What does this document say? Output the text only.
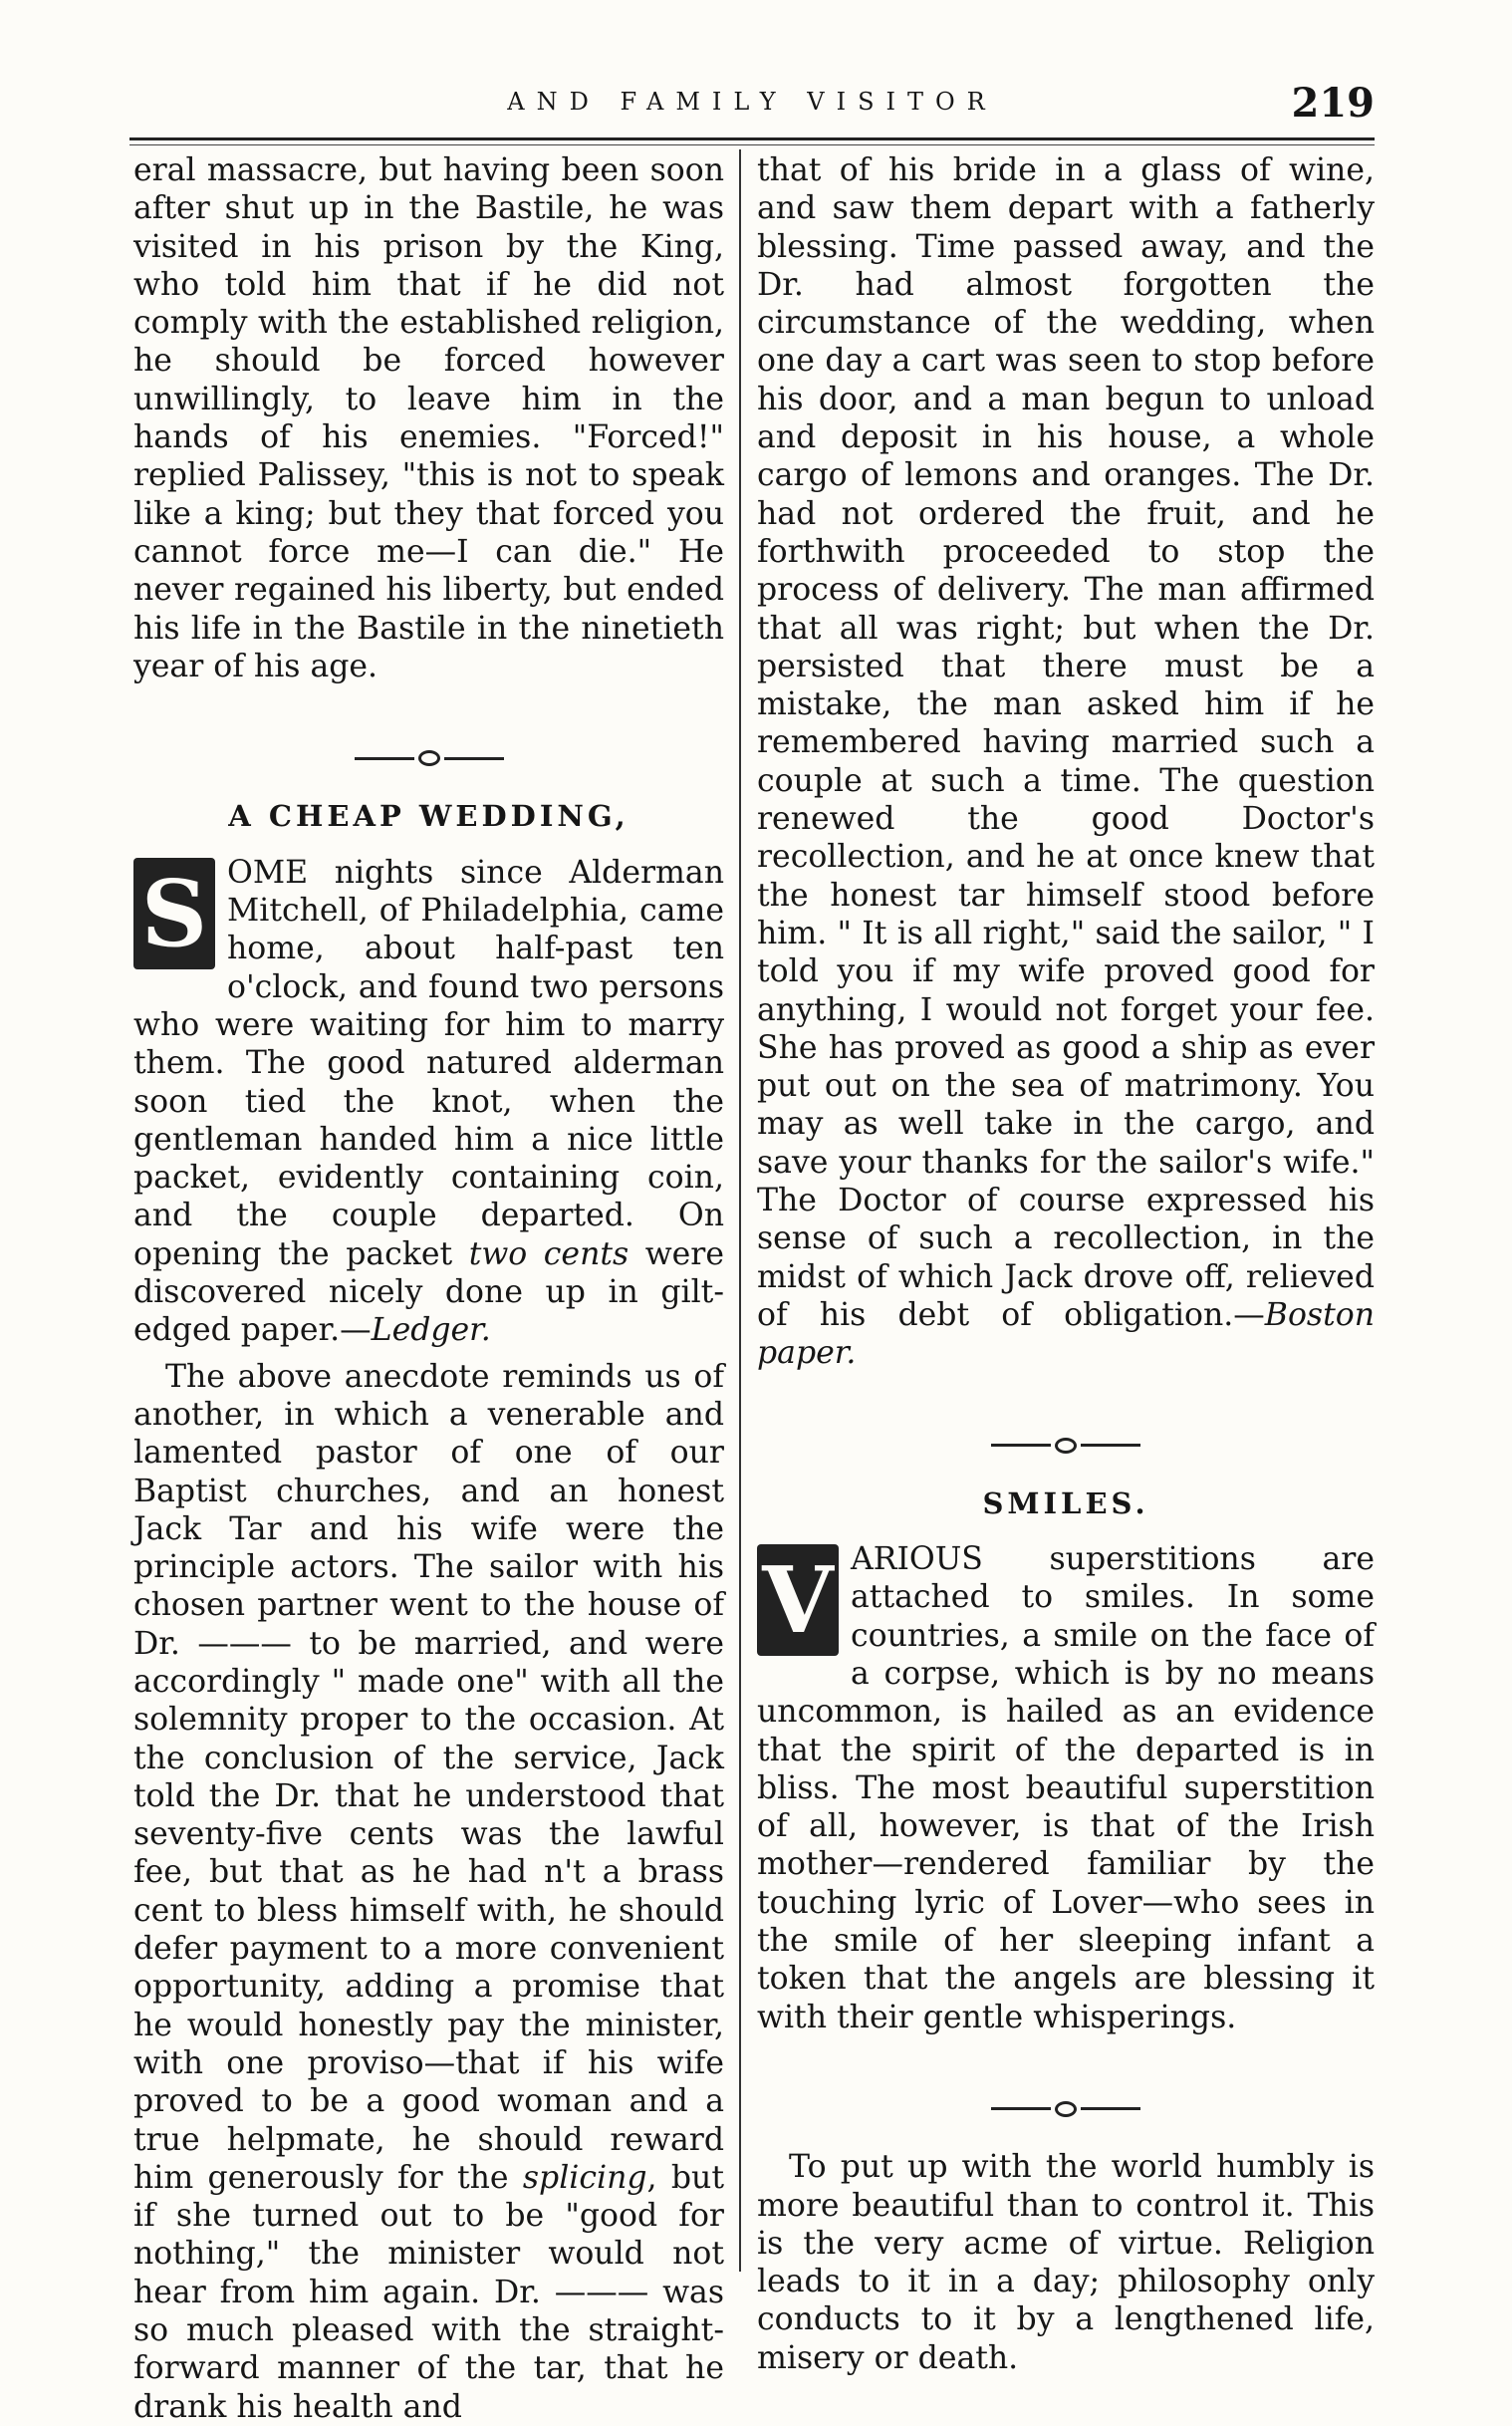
AND FAMILY VISITOR	219

eral massacre, but having been soon after shut up in the Bastile, he was visited in his prison by the King, who told him that if he did not comply with the established religion, he should be forced however unwillingly, to leave him in the hands of his enemies. "Forced!" replied Palissey, "this is not to speak like a king; but they that forced you cannot force me—I can die." He never regained his liberty, but ended his life in the Bastile in the ninetieth year of his age.

A CHEAP WEDDING,

S OME nights since Alderman Mitchell, of Philadelphia, came home, about half-past ten o'clock, and found two persons who were waiting for him to marry them. The good natured alderman soon tied the knot, when the gentleman handed him a nice little packet, evidently containing coin, and the couple departed. On opening the packet two cents were discovered nicely done up in gilt-edged paper.—Ledger.

The above anecdote reminds us of another, in which a venerable and lamented pastor of one of our Baptist churches, and an honest Jack Tar and his wife were the principle actors. The sailor with his chosen partner went to the house of Dr. ——— to be married, and were accordingly " made one" with all the solemnity proper to the occasion. At the conclusion of the service, Jack told the Dr. that he understood that seventy-five cents was the lawful fee, but that as he had n't a brass cent to bless himself with, he should defer payment to a more convenient opportunity, adding a promise that he would honestly pay the minister, with one proviso—that if his wife proved to be a good woman and a true helpmate, he should reward him generously for the splicing, but if she turned out to be "good for nothing," the minister would not hear from him again. Dr. ——— was so much pleased with the straight-forward manner of the tar, that he drank his health and

that of his bride in a glass of wine, and saw them depart with a fatherly blessing. Time passed away, and the Dr. had almost forgotten the circumstance of the wedding, when one day a cart was seen to stop before his door, and a man begun to unload and deposit in his house, a whole cargo of lemons and oranges. The Dr. had not ordered the fruit, and he forthwith proceeded to stop the process of delivery. The man affirmed that all was right; but when the Dr. persisted that there must be a mistake, the man asked him if he remembered having married such a couple at such a time. The question renewed the good Doctor's recollection, and he at once knew that the honest tar himself stood before him. " It is all right," said the sailor, " I told you if my wife proved good for anything, I would not forget your fee. She has proved as good a ship as ever put out on the sea of matrimony. You may as well take in the cargo, and save your thanks for the sailor's wife." The Doctor of course expressed his sense of such a recollection, in the midst of which Jack drove off, relieved of his debt of obligation.—Boston paper.

SMILES.

V ARIOUS superstitions are attached to smiles. In some countries, a smile on the face of a corpse, which is by no means uncommon, is hailed as an evidence that the spirit of the departed is in bliss. The most beautiful superstition of all, however, is that of the Irish mother—rendered familiar by the touching lyric of Lover—who sees in the smile of her sleeping infant a token that the angels are blessing it with their gentle whisperings.

To put up with the world humbly is more beautiful than to control it. This is the very acme of virtue. Religion leads to it in a day; philosophy only conducts to it by a lengthened life, misery or death.
